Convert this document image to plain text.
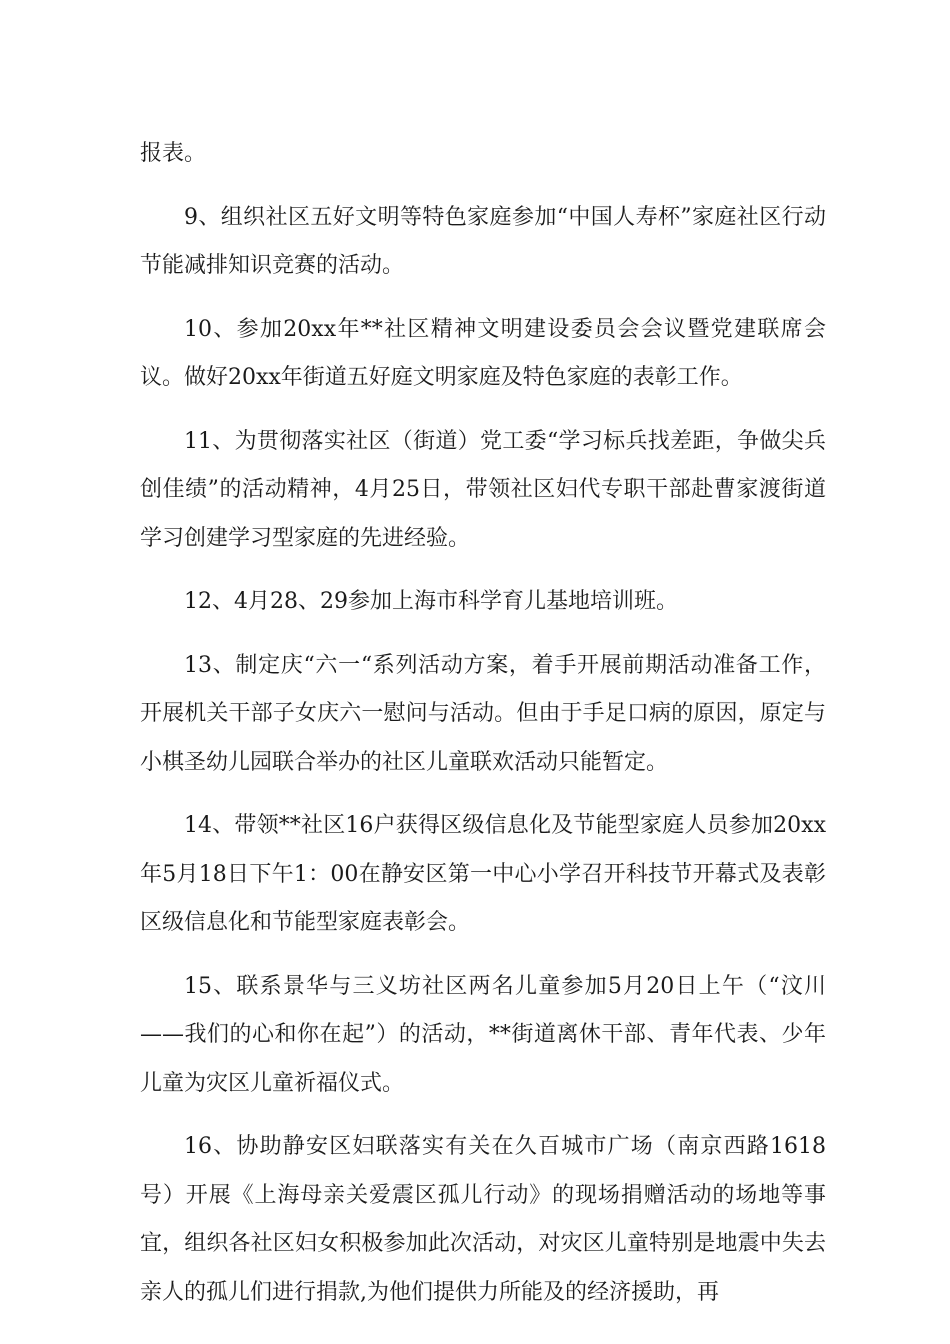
报表。

9、组织社区五好文明等特色家庭参加“中国人寿杯”家庭社区行动节能减排知识竞赛的活动。

10、参加20xx年**社区精神文明建设委员会会议暨党建联席会议。做好20xx年街道五好庭文明家庭及特色家庭的表彰工作。

11、为贯彻落实社区（街道）党工委“学习标兵找差距，争做尖兵创佳绩”的活动精神，4月25日，带领社区妇代专职干部赴曹家渡街道学习创建学习型家庭的先进经验。

12、4月28、29参加上海市科学育儿基地培训班。

13、制定庆“六一“系列活动方案，着手开展前期活动准备工作，开展机关干部子女庆六一慰问与活动。但由于手足口病的原因，原定与小棋圣幼儿园联合举办的社区儿童联欢活动只能暂定。

14、带领**社区16户获得区级信息化及节能型家庭人员参加20xx年5月18日下午1：00在静安区第一中心小学召开科技节开幕式及表彰区级信息化和节能型家庭表彰会。

15、联系景华与三义坊社区两名儿童参加5月20日上午（“汶川——我们的心和你在起”）的活动，**街道离休干部、青年代表、少年儿童为灾区儿童祈福仪式。

16、协助静安区妇联落实有关在久百城市广场（南京西路1618号）开展《上海母亲关爱震区孤儿行动》的现场捐赠活动的场地等事宜，组织各社区妇女积极参加此次活动，对灾区儿童特别是地震中失去亲人的孤儿们进行捐款,为他们提供力所能及的经济援助，再
